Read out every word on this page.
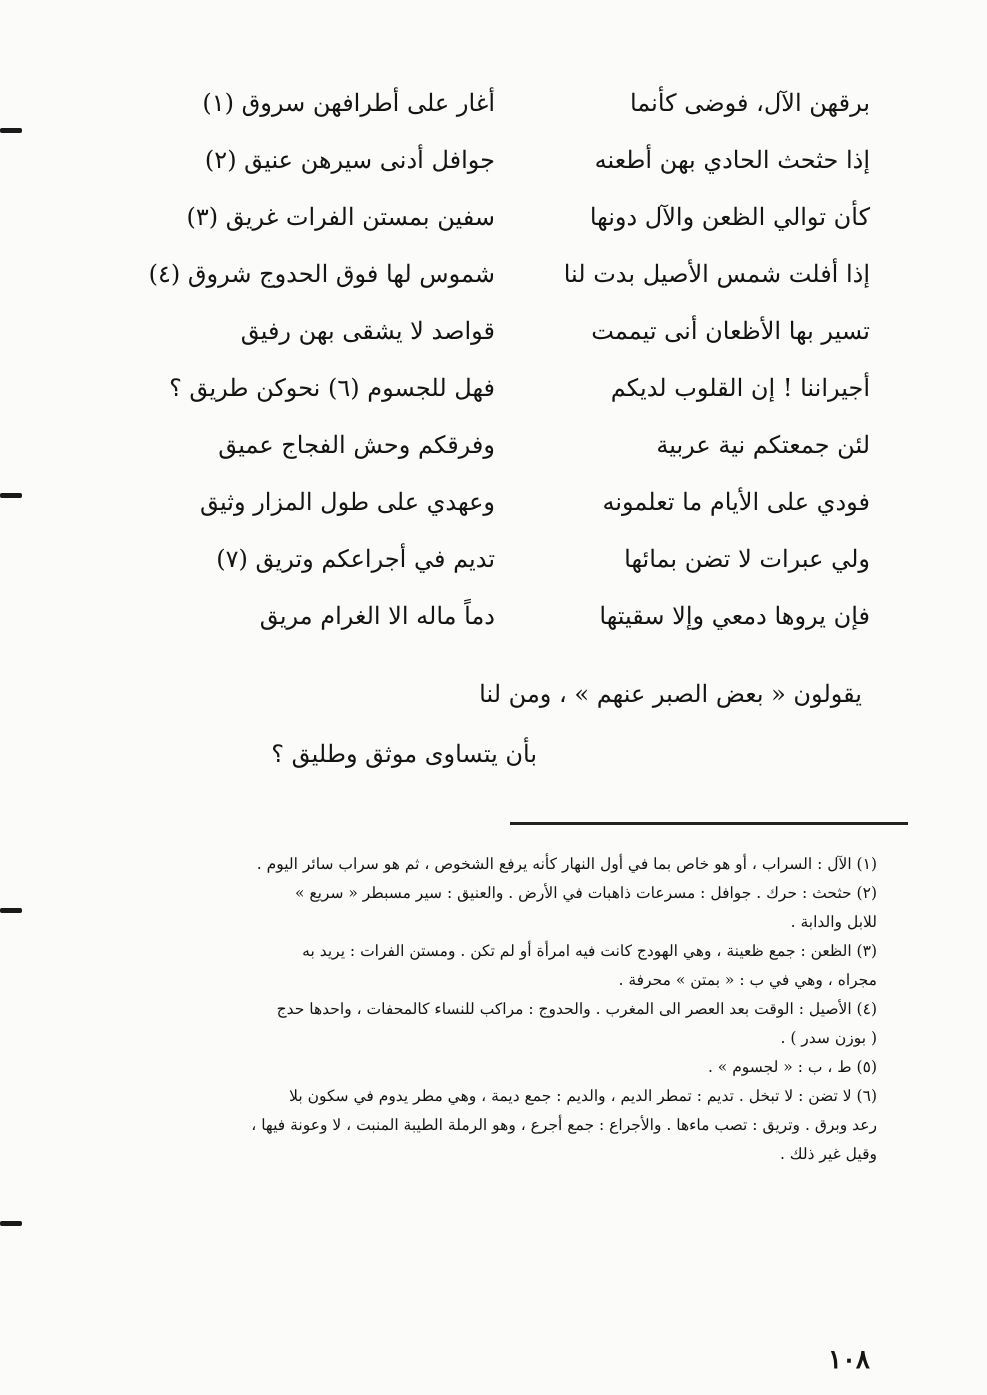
برقهن الآل، فوضى كأنما
أغار على أطرافهن سروق (١)
إذا حثحث الحادي بهن أطعنه
جوافل أدنى سيرهن عنيق (٢)
كأن توالي الظعن والآل دونها
سفين بمستن الفرات غريق (٣)
إذا أفلت شمس الأصيل بدت لنا
شموس لها فوق الحدوج شروق (٤)
تسير بها الأظعان أنى تيممت
قواصد لا يشقى بهن رفيق
أجيراننا ! إن القلوب لديكم
فهل للجسوم (٦) نحوكن طريق ؟
لئن جمعتكم نية عربية
وفرقكم وحش الفجاج عميق
فودي على الأيام ما تعلمونه
وعهدي على طول المزار وثيق
ولي عبرات لا تضن بمائها
تديم في أجراعكم وتريق (٧)
فإن يروها دمعي وإلا سقيتها
دماً ماله الا الغرام مريق
يقولون « بعض الصبر عنهم » ، ومن لنا
بأن يتساوى موثق وطليق ؟
(١) الآل : السراب ، أو هو خاص بما في أول النهار كأنه يرفع الشخوص ، ثم هو سراب سائر اليوم .
(٢) حثحث : حرك . جوافل : مسرعات ذاهبات في الأرض . والعنيق : سير مسبطر « سريع »
للابل والدابة .
(٣) الظعن : جمع ظعينة ، وهي الهودج كانت فيه امرأة أو لم تكن . ومستن الفرات : يريد به
مجراه ، وهي في ب : « بمتن » محرفة .
(٤) الأصيل : الوقت بعد العصر الى المغرب . والحدوج : مراكب للنساء كالمحفات ، واحدها حدج
( بوزن سدر ) .
(٥) ط ، ب : « لجسوم » .
(٦) لا تضن : لا تبخل . تديم : تمطر الديم ، والديم : جمع ديمة ، وهي مطر يدوم في سكون بلا
رعد وبرق . وتريق : تصب ماءها . والأجراع : جمع أجرع ، وهو الرملة الطيبة المنبت ، لا وعونة فيها ،
وقيل غير ذلك .
١٠٨
